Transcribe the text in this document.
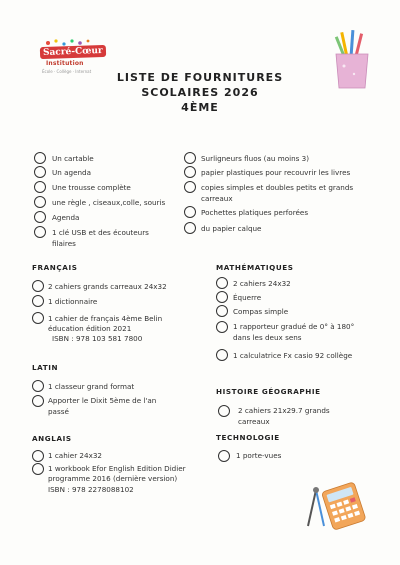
Sacré-Cœur
Institution
École · Collège · Internat	LISTE DE FOURNITURES
SCOLAIRES 2026
4ÈME
Un cartable
Un agenda
Une trousse complète
une règle , ciseaux,colle, souris
Agenda
1 clé USB et des écouteurs
filaires
Surligneurs fluos (au moins 3)
papier plastiques pour recouvrir les livres
copies simples et doubles petits et grands
carreaux
Pochettes platiques perforées
du papier calque
FRANÇAIS
2 cahiers grands carreaux 24x32
1 dictionnaire
1 cahier de français 4ème Belin
éducation édition 2021
ISBN : 978 103 581 7800
MATHÉMATIQUES
2 cahiers 24x32
Équerre
Compas simple
1 rapporteur gradué de 0° à 180°
dans les deux sens
1 calculatrice Fx casio 92 collège
LATIN
1 classeur grand format
Apporter le Dixit 5ème de l'an
passé
HISTOIRE GÉOGRAPHIE
2 cahiers 21x29.7 grands
carreaux
ANGLAIS
1 cahier 24x32
1 workbook Efor English Edition Didier
programme 2016 (dernière version)
ISBN : 978 2278088102
TECHNOLOGIE
1 porte-vues
